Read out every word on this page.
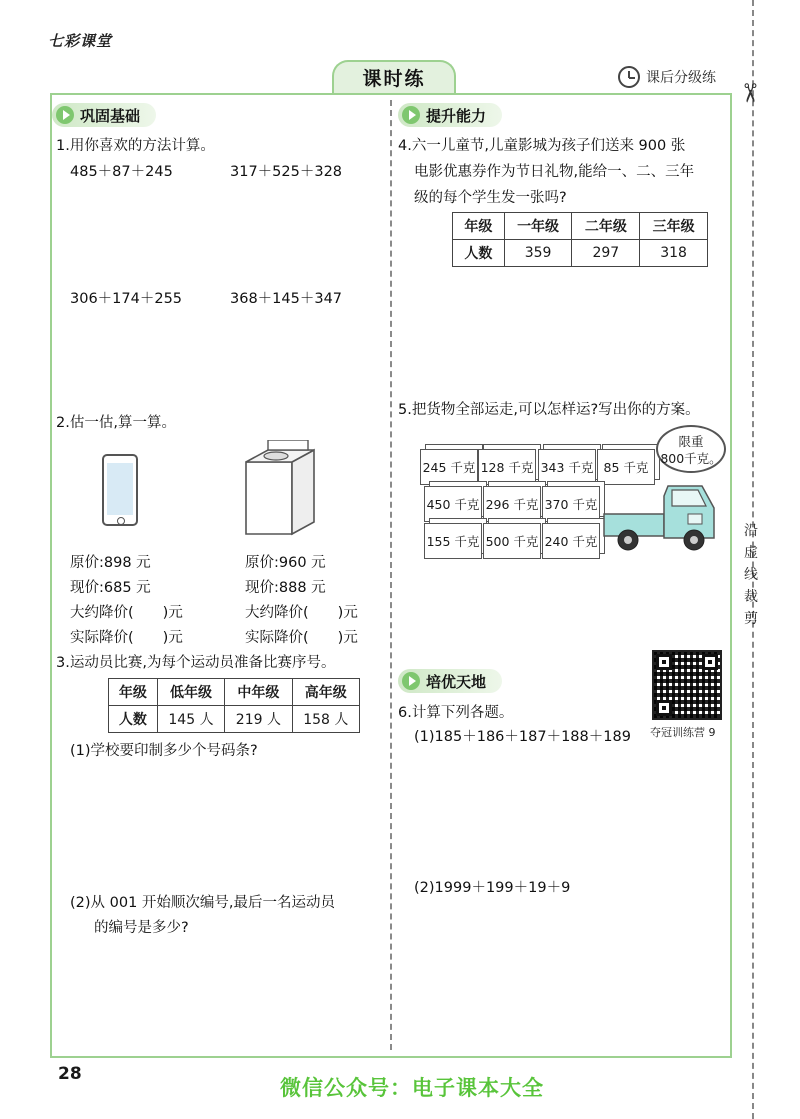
七彩课堂
课时练	课后分级练
✂
沿虚线裁剪
巩固基础
1.用你喜欢的方法计算。
485＋87＋245	317＋525＋328
306＋174＋255	368＋145＋347
2.估一估,算一算。
原价:898 元
现价:685 元
大约降价(　　)元
实际降价(　　)元
原价:960 元
现价:888 元
大约降价(　　)元
实际降价(　　)元
3.运动员比赛,为每个运动员准备比赛序号。
年级	低年级	中年级	高年级
人数	145 人	219 人	158 人
(1)学校要印制多少个号码条?
(2)从 001 开始顺次编号,最后一名运动员
的编号是多少?
提升能力
4.六一儿童节,儿童影城为孩子们送来 900 张
电影优惠券作为节日礼物,能给一、二、三年
级的每个学生发一张吗?
年级	一年级	二年级	三年级
人数	359	297	318
5.把货物全部运走,可以怎样运?写出你的方案。
245 千克 128 千克 343 千克 85 千克
450 千克 296 千克 370 千克
155 千克 500 千克 240 千克
限重
800千克。
培优天地
夺冠训练营 9
6.计算下列各题。
(1)185＋186＋187＋188＋189
(2)1999＋199＋19＋9
28
微信公众号：电子课本大全
